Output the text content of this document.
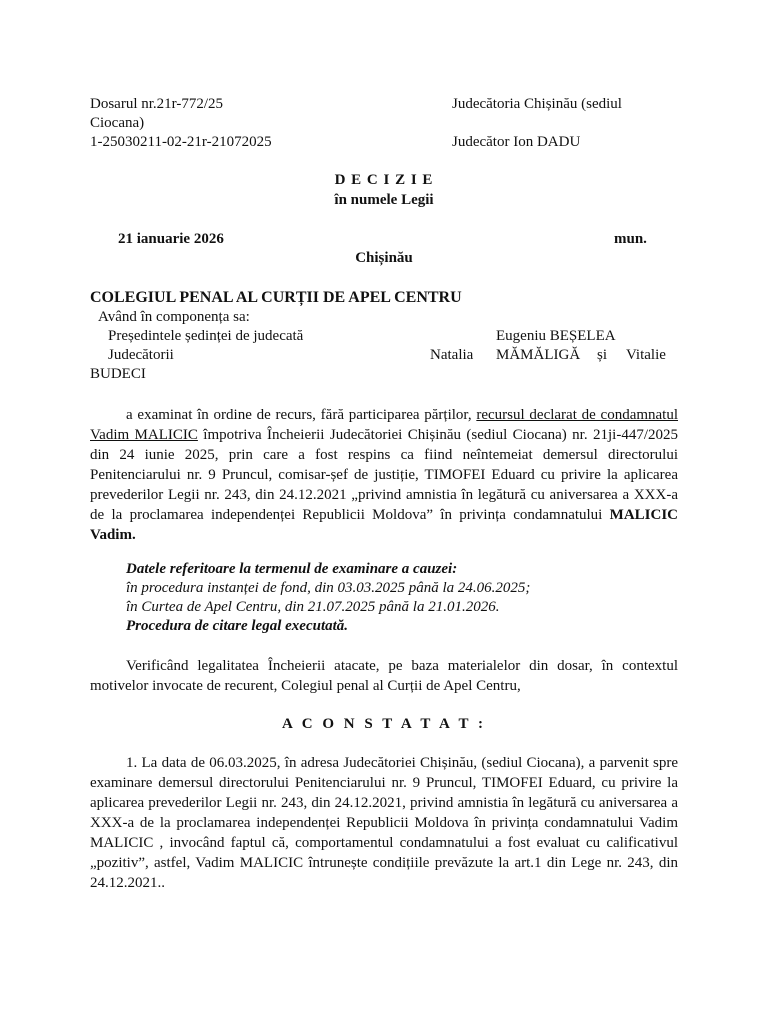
Dosarul nr.21r-772/25
Ciocana)
1-25030211-02-21r-21072025
Judecătoria Chișinău (sediul
Judecător Ion DADU
D E C I Z I E
în numele Legii
21 ianuarie 2026	mun.
Chișinău
COLEGIUL PENAL AL CURȚII DE APEL CENTRU
Având în componența sa:
Președintele ședinței de judecată	Eugeniu BEȘELEA
Judecătorii	Natalia MĂMĂLIGĂ și Vitalie
BUDECI
a examinat în ordine de recurs, fără participarea părților, recursul declarat de condamnatul Vadim MALICIC împotriva Încheierii Judecătoriei Chișinău (sediul Ciocana) nr. 21ji-447/2025 din 24 iunie 2025, prin care a fost respins ca fiind neîntemeiat demersul directorului Penitenciarului nr. 9 Pruncul, comisar-șef de justiție, TIMOFEI Eduard cu privire la aplicarea prevederilor Legii nr. 243, din 24.12.2021 „privind amnistia în legătură cu aniversarea a XXX-a de la proclamarea independenței Republicii Moldova” în privința condamnatului MALICIC Vadim.
Datele referitoare la termenul de examinare a cauzei:
în procedura instanței de fond, din 03.03.2025 până la 24.06.2025;
în Curtea de Apel Centru, din 21.07.2025 până la 21.01.2026.
Procedura de citare legal executată.
Verificând legalitatea Încheierii atacate, pe baza materialelor din dosar, în contextul motivelor invocate de recurent, Colegiul penal al Curții de Apel Centru,
A C O N S T A T A T :
1. La data de 06.03.2025, în adresa Judecătoriei Chișinău, (sediul Ciocana), a parvenit spre examinare demersul directorului Penitenciarului nr. 9 Pruncul, TIMOFEI Eduard, cu privire la aplicarea prevederilor Legii nr. 243, din 24.12.2021, privind amnistia în legătură cu aniversarea a XXX-a de la proclamarea independenței Republicii Moldova în privința condamnatului Vadim MALICIC , invocând faptul că, comportamentul condamnatului a fost evaluat cu calificativul „pozitiv”, astfel, Vadim MALICIC întrunește condițiile prevăzute la art.1 din Lege nr. 243, din 24.12.2021..
